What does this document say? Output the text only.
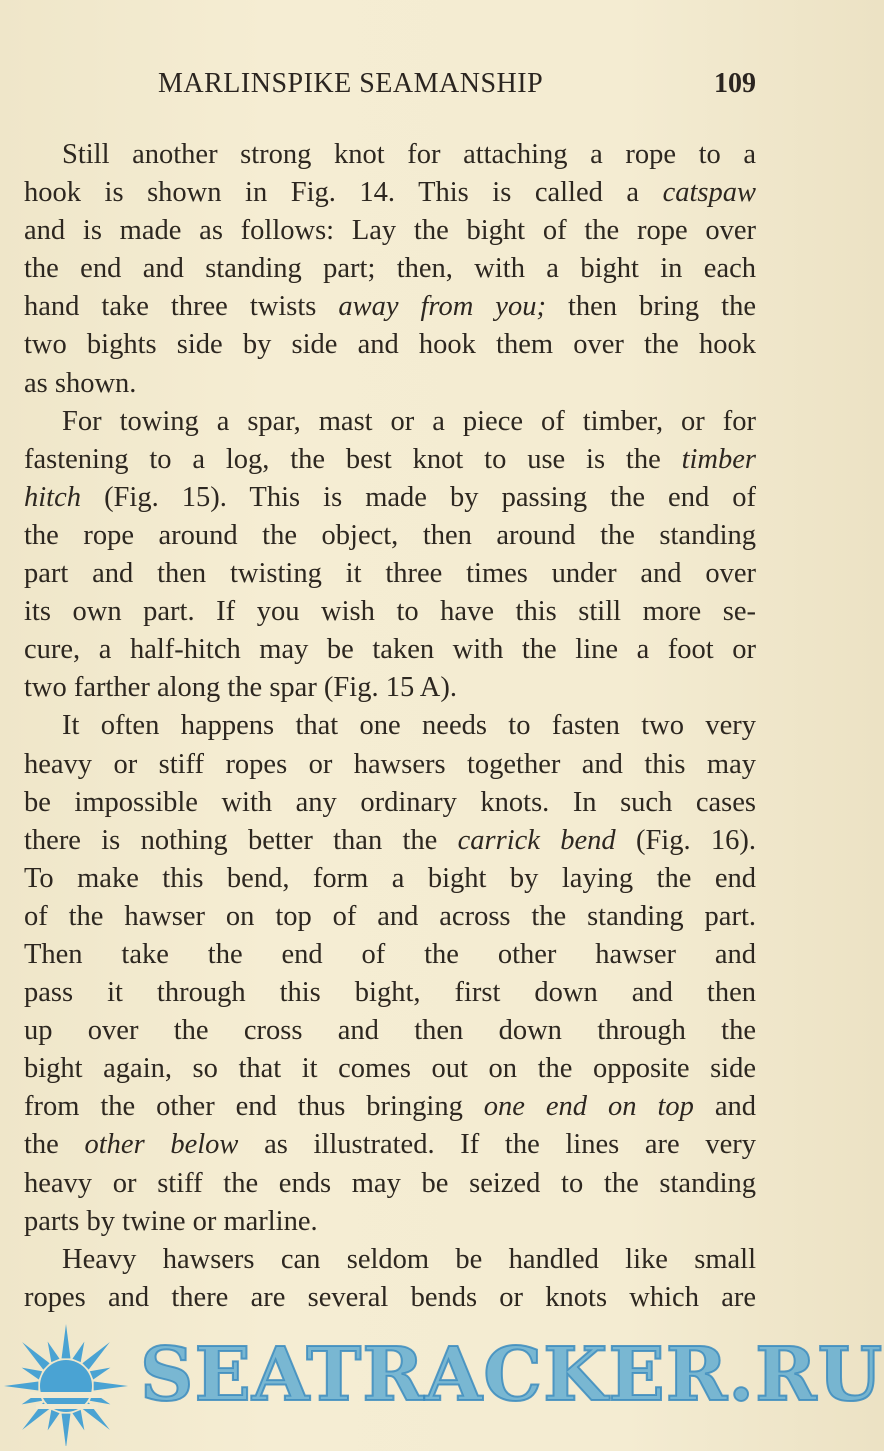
MARLINSPIKE SEAMANSHIP	109
Still another strong knot for attaching a rope to a
hook is shown in Fig. 14. This is called a catspaw
and is made as follows: Lay the bight of the rope over
the end and standing part; then, with a bight in each
hand take three twists away from you; then bring the
two bights side by side and hook them over the hook
as shown.
For towing a spar, mast or a piece of timber, or for
fastening to a log, the best knot to use is the timber
hitch (Fig. 15). This is made by passing the end of
the rope around the object, then around the standing
part and then twisting it three times under and over
its own part. If you wish to have this still more se-
cure, a half-hitch may be taken with the line a foot or
two farther along the spar (Fig. 15 A).
It often happens that one needs to fasten two very
heavy or stiff ropes or hawsers together and this may
be impossible with any ordinary knots. In such cases
there is nothing better than the carrick bend (Fig. 16).
To make this bend, form a bight by laying the end
of the hawser on top of and across the standing part.
Then take the end of the other hawser and
pass it through this bight, first down and then
up over the cross and then down through the
bight again, so that it comes out on the opposite side
from the other end thus bringing one end on top and
the other below as illustrated. If the lines are very
heavy or stiff the ends may be seized to the standing
parts by twine or marline.
Heavy hawsers can seldom be handled like small
ropes and there are several bends or knots which are
SEATRACKER.RU
